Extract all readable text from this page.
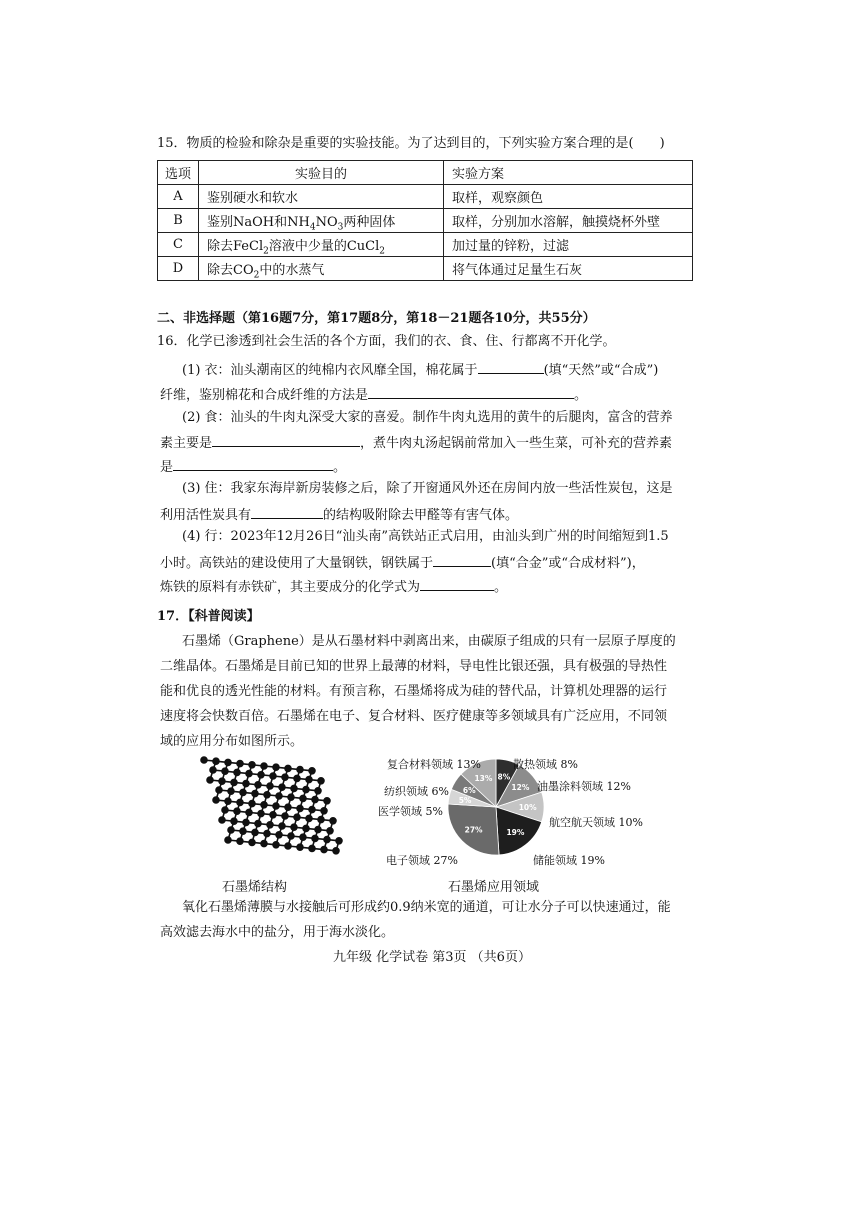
15．物质的检验和除杂是重要的实验技能。为了达到目的，下列实验方案合理的是(　　)
选项	实验目的	实验方案
A	鉴别硬水和软水	取样，观察颜色
B	鉴别NaOH和$NH_4NO_3$两种固体	取样，分别加水溶解，触摸烧杯外壁
C	除去FeCl$_2$溶液中少量的CuCl$_2$	加过量的锌粉，过滤
D	除去$CO_2$中的水蒸气	将气体通过足量生石灰
二、非选择题（第16题7分，第17题8分，第18－21题各10分，共55分）
16．化学已渗透到社会生活的各个方面，我们的衣、食、住、行都离不开化学。
(1) 衣：汕头潮南区的纯棉内衣风靡全国，棉花属于	(填“天然”或“合成”)
纤维，鉴别棉花和合成纤维的方法是	。
(2) 食：汕头的牛肉丸深受大家的喜爱。制作牛肉丸选用的黄牛的后腿肉，富含的营养
素主要是	，煮牛肉丸汤起锅前常加入一些生菜，可补充的营养素
是	。
(3) 住：我家东海岸新房装修之后，除了开窗通风外还在房间内放一些活性炭包，这是
利用活性炭具有	的结构吸附除去甲醛等有害气体。
(4) 行：2023年12月26日“汕头南”高铁站正式启用，由汕头到广州的时间缩短到1.5
小时。高铁站的建设使用了大量钢铁，钢铁属于	(填“合金”或“合成材料”)，
炼铁的原料有赤铁矿，其主要成分的化学式为	。
17．【科普阅读】
石墨烯（Graphene）是从石墨材料中剥离出来，由碳原子组成的只有一层原子厚度的
二维晶体。石墨烯是目前已知的世界上最薄的材料，导电性比银还强，具有极强的导热性
能和优良的透光性能的材料。有预言称，石墨烯将成为硅的替代品，计算机处理器的运行
速度将会快数百倍。石墨烯在电子、复合材料、医疗健康等多领域具有广泛应用，不同领
域的应用分布如图所示。
石墨烯结构
8%
12%
10%
19%
27%
5%
6%
13%
散热领域 8%
油墨涂料领域 12%
航空航天领域 10%
储能领域 19%
电子领域 27%
医学领域 5%
纺织领域 6%
复合材料领域 13%
石墨烯应用领域
氧化石墨烯薄膜与水接触后可形成约0.9纳米宽的通道，可让水分子可以快速通过，能
高效滤去海水中的盐分，用于海水淡化。
九年级 化学试卷 第3页 （共6页）
